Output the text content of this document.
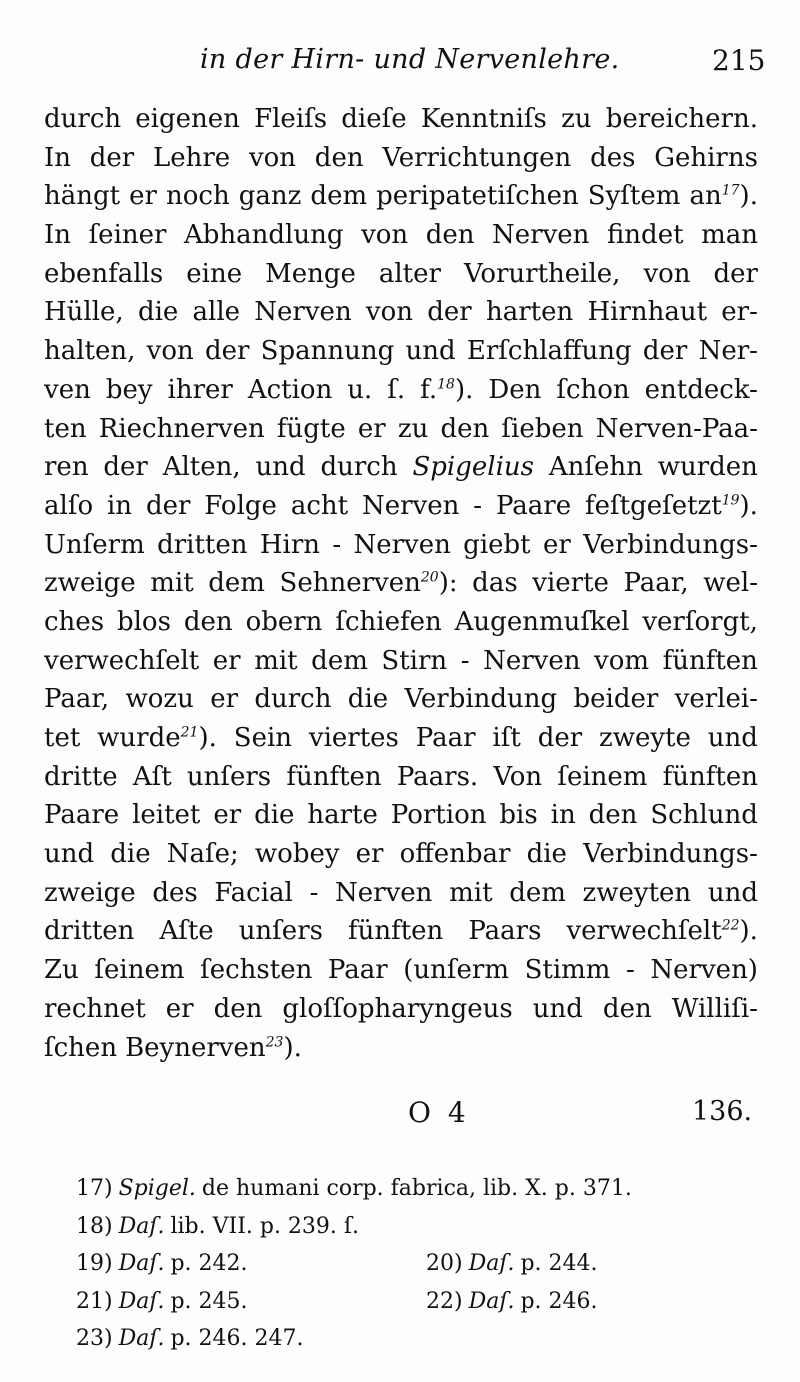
in der Hirn- und Nervenlehre.	215
durch eigenen Fleiſs dieſe Kenntniſs zu bereichern.
In der Lehre von den Verrichtungen des Gehirns
hängt er noch ganz dem peripatetiſchen Syſtem an$^{17}$).
In ſeiner Abhandlung von den Nerven findet man
ebenfalls eine Menge alter Vorurtheile, von der
Hülle, die alle Nerven von der harten Hirnhaut er-
halten, von der Spannung und Erſchlaffung der Ner-
ven bey ihrer Action u. ſ. f.$^{18}$). Den ſchon entdeck-
ten Riechnerven fügte er zu den ſieben Nerven-Paa-
ren der Alten, und durch Spigelius Anſehn wurden
alſo in der Folge acht Nerven - Paare feſtgeſetzt$^{19}$).
Unſerm dritten Hirn - Nerven giebt er Verbindungs-
zweige mit dem Sehnerven$^{20}$): das vierte Paar, wel-
ches blos den obern ſchiefen Augenmuſkel verſorgt,
verwechſelt er mit dem Stirn - Nerven vom fünften
Paar, wozu er durch die Verbindung beider verlei-
tet wurde$^{21}$). Sein viertes Paar iſt der zweyte und
dritte Aſt unſers fünften Paars. Von ſeinem fünften
Paare leitet er die harte Portion bis in den Schlund
und die Naſe; wobey er offenbar die Verbindungs-
zweige des Facial - Nerven mit dem zweyten und
dritten Aſte unſers fünften Paars verwechſelt$^{22}$).
Zu ſeinem ſechsten Paar (unſerm Stimm - Nerven)
rechnet er den gloſſopharyngeus und den Williſi-
ſchen Beynerven$^{23}$).
O 4	136.
17) Spigel. de humani corp. fabrica, lib. X. p. 371.
18) Daſ. lib. VII. p. 239. ſ.
19) Daſ. p. 242.	20) Daſ. p. 244.
21) Daſ. p. 245.	22) Daſ. p. 246.
23) Daſ. p. 246. 247.
